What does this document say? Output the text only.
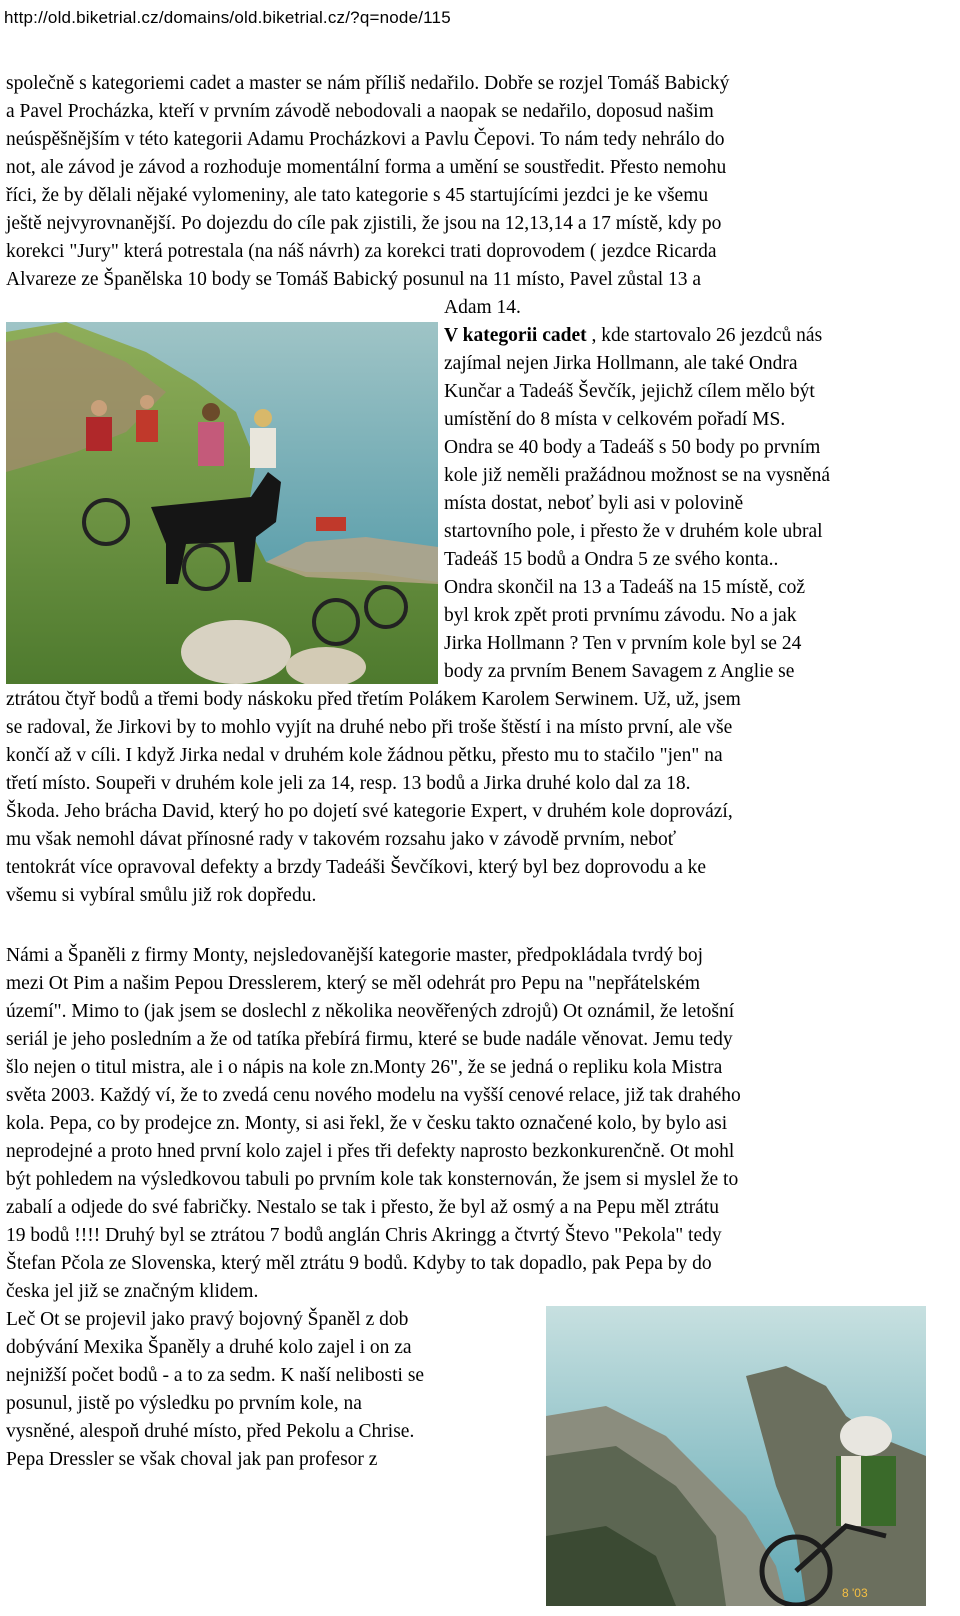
http://old.biketrial.cz/domains/old.biketrial.cz/?q=node/115
společně s kategoriemi cadet a master se nám příliš nedařilo. Dobře se rozjel Tomáš Babický
a Pavel Procházka, kteří v prvním závodě nebodovali a naopak se nedařilo, doposud našim
neúspěšnějším v této kategorii Adamu Procházkovi a Pavlu Čepovi. To nám tedy nehrálo do
not, ale závod je závod a rozhoduje momentální forma a umění se soustředit. Přesto nemohu
říci, že by dělali nějaké vylomeniny, ale tato kategorie s 45 startujícími jezdci je ke všemu
ještě nejvyrovnanější. Po dojezdu do cíle pak zjistili, že jsou na 12,13,14 a 17 místě, kdy po
korekci "Jury" která potrestala (na náš návrh) za korekci trati doprovodem ( jezdce Ricarda
Alvareze ze Španělska 10 body se Tomáš Babický posunul na 11 místo, Pavel zůstal 13 a
Adam 14.
V kategorii cadet , kde startovalo 26 jezdců nás
zajímal nejen Jirka Hollmann, ale také Ondra
Kunčar a Tadeáš Ševčík, jejichž cílem mělo být
umístění do 8 místa v celkovém pořadí MS.
Ondra se 40 body a Tadeáš s 50 body po prvním
kole již neměli pražádnou možnost se na vysněná
místa dostat, neboť byli asi v polovině
startovního pole, i přesto že v druhém kole ubral
Tadeáš 15 bodů a Ondra 5 ze svého konta..
Ondra skončil na 13 a Tadeáš na 15 místě, což
byl krok zpět proti prvnímu závodu. No a jak
Jirka Hollmann ? Ten v prvním kole byl se 24
body za prvním Benem Savagem z Anglie se
ztrátou čtyř bodů a třemi body náskoku před třetím Polákem Karolem Serwinem. Už, už, jsem
se radoval, že Jirkovi by to mohlo vyjít na druhé nebo při troše štěstí i na místo první, ale vše
končí až v cíli. I když Jirka nedal v druhém kole žádnou pětku, přesto mu to stačilo "jen" na
třetí místo. Soupeři v druhém kole jeli za 14, resp. 13 bodů a Jirka druhé kolo dal za 18.
Škoda. Jeho brácha David, který ho po dojetí své kategorie Expert, v druhém kole doprovází,
mu však nemohl dávat přínosné rady v takovém rozsahu jako v závodě prvním, neboť
tentokrát více opravoval defekty a brzdy Tadeáši Ševčíkovi, který byl bez doprovodu a ke
všemu si vybíral smůlu již rok dopředu.
Námi a Španěli z firmy Monty, nejsledovanější kategorie master, předpokládala tvrdý boj
mezi Ot Pim a našim Pepou Dresslerem, který se měl odehrát pro Pepu na "nepřátelském
území". Mimo to (jak jsem se doslechl z několika neověřených zdrojů) Ot oznámil, že letošní
seriál je jeho posledním a že od tatíka přebírá firmu, které se bude nadále věnovat. Jemu tedy
šlo nejen o titul mistra, ale i o nápis na kole zn.Monty 26", že se jedná o repliku kola Mistra
světa 2003. Každý ví, že to zvedá cenu nového modelu na vyšší cenové relace, již tak drahého
kola. Pepa, co by prodejce zn. Monty, si asi řekl, že v česku takto označené kolo, by bylo asi
neprodejné a proto hned první kolo zajel i přes tři defekty naprosto bezkonkurenčně. Ot mohl
být pohledem na výsledkovou tabuli po prvním kole tak konsternován, že jsem si myslel že to
zabalí a odjede do své fabričky. Nestalo se tak i přesto, že byl až osmý a na Pepu měl ztrátu
19 bodů !!!! Druhý byl se ztrátou 7 bodů anglán Chris Akringg a čtvrtý Števo "Pekola" tedy
Štefan Pčola ze Slovenska, který měl ztrátu 9 bodů. Kdyby to tak dopadlo, pak Pepa by do
česka jel již se značným klidem.
Leč Ot se projevil jako pravý bojovný Španěl z dob
dobývání Mexika Španěly a druhé kolo zajel i on za
nejnižší počet bodů - a to za sedm. K naší nelibosti se
posunul, jistě po výsledku po prvním kole, na
vysněné, alespoň druhé místo, před Pekolu a Chrise.
Pepa Dressler se však choval jak pan profesor z
8 '03
